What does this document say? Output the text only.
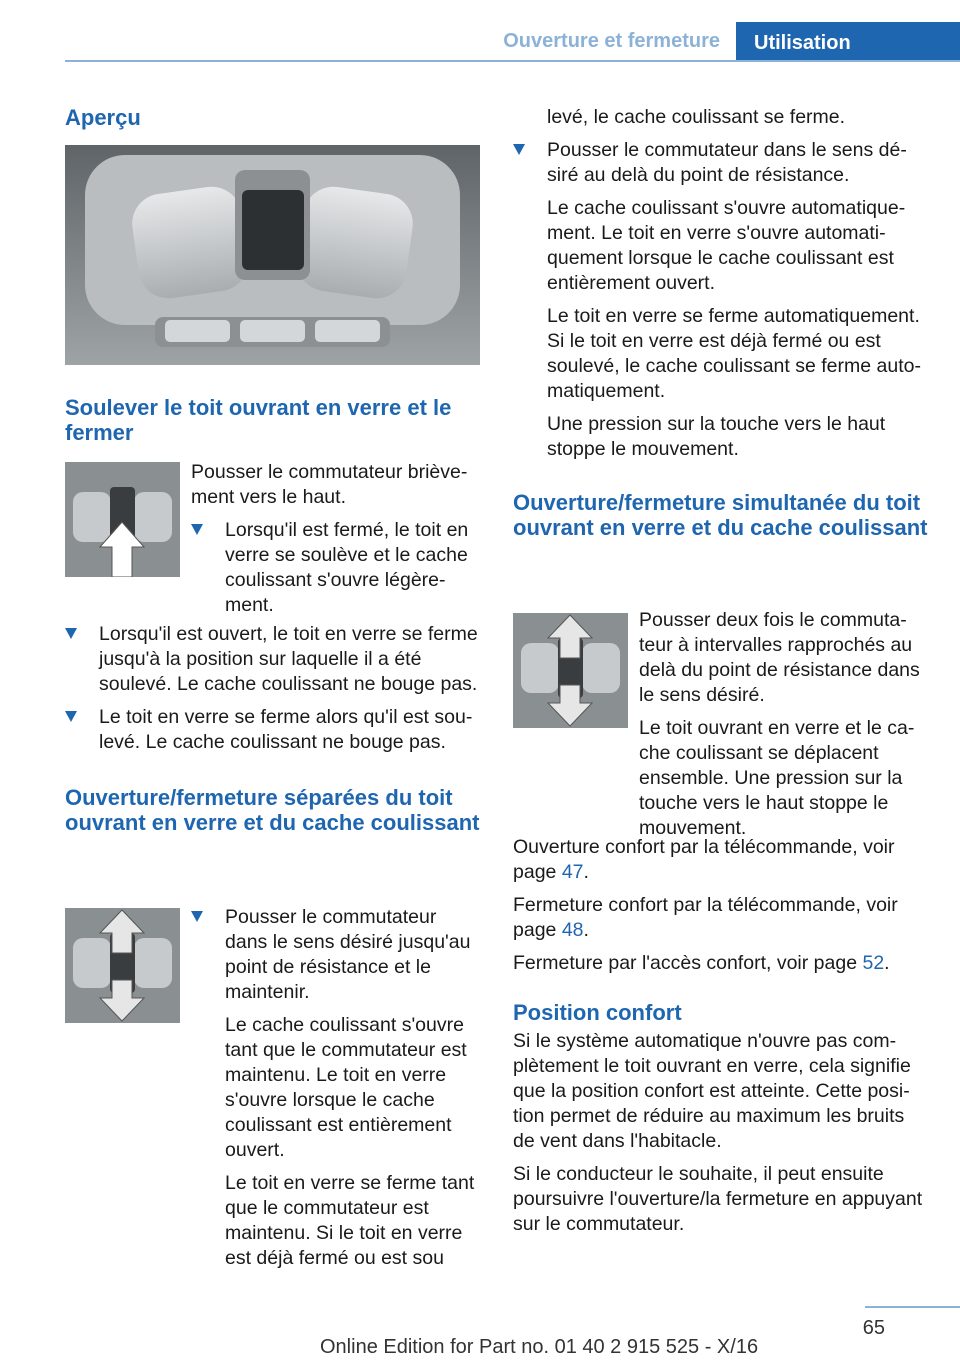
Ouverture et fermeture	Utilisation

Aperçu

Soulever le toit ouvrant en verre et le fermer

Pousser le commutateur brièvement vers le haut.

Lorsqu'il est fermé, le toit en verre se soulève et le cache coulissant s'ouvre légèrement.
Lorsqu'il est ouvert, le toit en verre se ferme jusqu'à la position sur laquelle il a été soulevé. Le cache coulissant ne bouge pas.
Le toit en verre se ferme alors qu'il est soulevé. Le cache coulissant ne bouge pas.

Ouverture/fermeture séparées du toit ouvrant en verre et du cache coulissant

Pousser le commutateur dans le sens désiré jusqu'au point de résistance et le maintenir.

Le cache coulissant s'ouvre tant que le commutateur est maintenu. Le toit en verre s'ouvre lorsque le cache coulissant est entièrement ouvert.

Le toit en verre se ferme tant que le commutateur est maintenu. Si le toit en verre est déjà fermé ou est sou

levé, le cache coulissant se ferme.

Pousser le commutateur dans le sens désiré au delà du point de résistance.

Le cache coulissant s'ouvre automatiquement. Le toit en verre s'ouvre automatiquement lorsque le cache coulissant est entièrement ouvert.

Le toit en verre se ferme automatiquement. Si le toit en verre est déjà fermé ou est soulevé, le cache coulissant se ferme automatiquement.

Une pression sur la touche vers le haut stoppe le mouvement.

Ouverture/fermeture simultanée du toit ouvrant en verre et du cache coulissant

Pousser deux fois le commutateur à intervalles rapprochés au delà du point de résistance dans le sens désiré.

Le toit ouvrant en verre et le cache coulissant se déplacent ensemble. Une pression sur la touche vers le haut stoppe le mouvement.

Ouverture confort par la télécommande, voir page 47.

Fermeture confort par la télécommande, voir page 48.

Fermeture par l'accès confort, voir page 52.

Position confort

Si le système automatique n'ouvre pas complètement le toit ouvrant en verre, cela signifie que la position confort est atteinte. Cette position permet de réduire au maximum les bruits de vent dans l'habitacle.

Si le conducteur le souhaite, il peut ensuite poursuivre l'ouverture/la fermeture en appuyant sur le commutateur.

65
Online Edition for Part no. 01 40 2 915 525 - X/16
